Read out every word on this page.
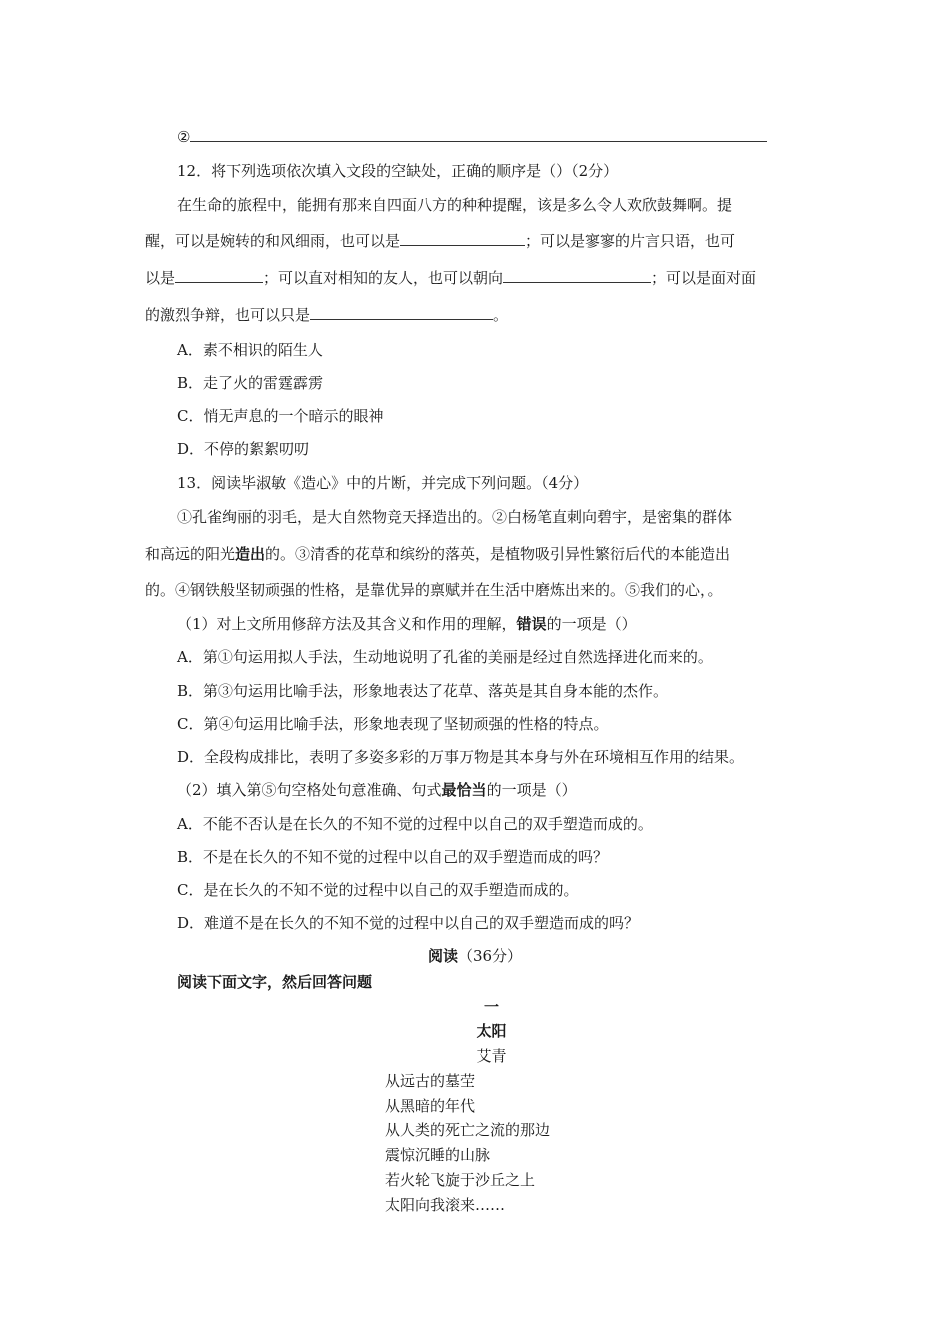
②
12．将下列选项依次填入文段的空缺处，正确的顺序是（）（2分）
在生命的旅程中，能拥有那来自四面八方的种种提醒，该是多么令人欢欣鼓舞啊。提
醒，可以是婉转的和风细雨，也可以是	；可以是寥寥的片言只语，也可
以是	；可以直对相知的友人，也可以朝向	；可以是面对面
的激烈争辩，也可以只是	。
A．素不相识的陌生人
B．走了火的雷霆霹雳
C．悄无声息的一个暗示的眼神
D．不停的絮絮叨叨
13．阅读毕淑敏《造心》中的片断，并完成下列问题。（4分）
①孔雀绚丽的羽毛，是大自然物竞天择造出的。②白杨笔直刺向碧宇，是密集的群体
和高远的阳光造出的。③清香的花草和缤纷的落英，是植物吸引异性繁衍后代的本能造出
的。④钢铁般坚韧顽强的性格，是靠优异的禀赋并在生活中磨炼出来的。⑤我们的心，。
（1）对上文所用修辞方法及其含义和作用的理解，错误的一项是（）
A．第①句运用拟人手法，生动地说明了孔雀的美丽是经过自然选择进化而来的。
B．第③句运用比喻手法，形象地表达了花草、落英是其自身本能的杰作。
C．第④句运用比喻手法，形象地表现了坚韧顽强的性格的特点。
D．全段构成排比，表明了多姿多彩的万事万物是其本身与外在环境相互作用的结果。
（2）填入第⑤句空格处句意准确、句式最恰当的一项是（）
A．不能不否认是在长久的不知不觉的过程中以自己的双手塑造而成的。
B．不是在长久的不知不觉的过程中以自己的双手塑造而成的吗？
C．是在长久的不知不觉的过程中以自己的双手塑造而成的。
D．难道不是在长久的不知不觉的过程中以自己的双手塑造而成的吗？
阅读（36分）
阅读下面文字，然后回答问题
一
太阳
艾青
从远古的墓茔
从黑暗的年代
从人类的死亡之流的那边
震惊沉睡的山脉
若火轮飞旋于沙丘之上
太阳向我滚来……
